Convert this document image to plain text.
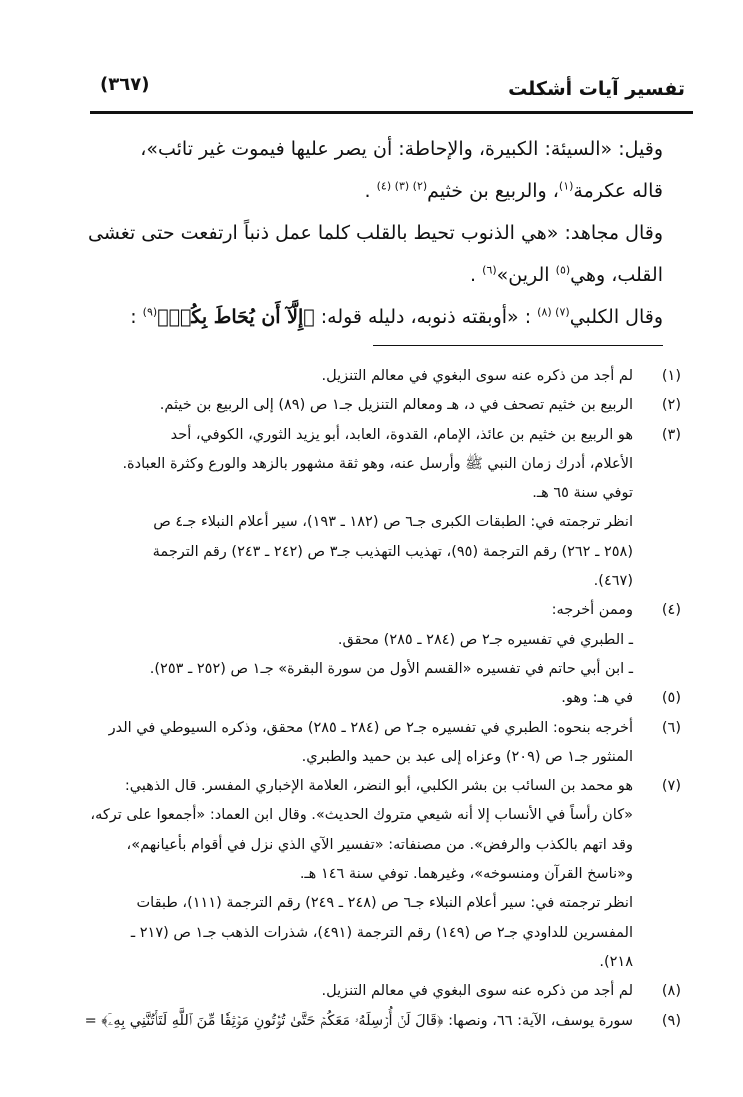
تفسير آيات أشكلت
(٣٦٧)

وقيل: «السيئة: الكبيرة، والإحاطة: أن يصر عليها فيموت غير تائب»،
قاله عكرمة$^{(١)}$، والربيع بن خثيم$^{(٢) (٣) (٤)}$ .

وقال مجاهد: «هي الذنوب تحيط بالقلب كلما عمل ذنباً ارتفعت حتى تغشى
القلب، وهي$^{(٥)}$ الرين»$^{(٦)}$ .

وقال الكلبي$^{(٧) (٨)}$ : «أوبقته ذنوبه، دليله قوله: ﴿إِلَّآ أَن يُحَاطَ بِكُمۡ﴾$^{(٩)}$ :

(١)
لم أجد من ذكره عنه سوى البغوي في معالم التنزيل.
(٢)
الربيع بن خثيم تصحف في د، هـ ومعالم التنزيل جـ١ ص (٨٩) إلى الربيع بن خيثم.
(٣)
هو الربيع بن خثيم بن عائذ، الإمام، القدوة، العابد، أبو يزيد الثوري، الكوفي، أحد
الأعلام، أدرك زمان النبي ﷺ وأرسل عنه، وهو ثقة مشهور بالزهد والورع وكثرة العبادة.
توفي سنة ٦٥ هـ.
انظر ترجمته في: الطبقات الكبرى جـ٦ ص (١٨٢ ـ ١٩٣)، سير أعلام النبلاء جـ٤ ص
(٢٥٨ ـ ٢٦٢) رقم الترجمة (٩٥)، تهذيب التهذيب جـ٣ ص (٢٤٢ ـ ٢٤٣) رقم الترجمة
(٤٦٧).
(٤)
وممن أخرجه:
ـ الطبري في تفسيره جـ٢ ص (٢٨٤ ـ ٢٨٥) محقق.
ـ ابن أبي حاتم في تفسيره «القسم الأول من سورة البقرة» جـ١ ص (٢٥٢ ـ ٢٥٣).
(٥)
في هـ: وهو.
(٦)
أخرجه بنحوه: الطبري في تفسيره جـ٢ ص (٢٨٤ ـ ٢٨٥) محقق، وذكره السيوطي في الدر
المنثور جـ١ ص (٢٠٩) وعزاه إلى عبد بن حميد والطبري.
(٧)
هو محمد بن السائب بن بشر الكلبي، أبو النضر، العلامة الإخباري المفسر. قال الذهبي:
«كان رأساً في الأنساب إلا أنه شيعي متروك الحديث». وقال ابن العماد: «أجمعوا على تركه،
وقد اتهم بالكذب والرفض». من مصنفاته: «تفسير الآي الذي نزل في أقوام بأعيانهم»،
و«ناسخ القرآن ومنسوخه»، وغيرهما. توفي سنة ١٤٦ هـ.
انظر ترجمته في: سير أعلام النبلاء جـ٦ ص (٢٤٨ ـ ٢٤٩) رقم الترجمة (١١١)، طبقات
المفسرين للداودي جـ٢ ص (١٤٩) رقم الترجمة (٤٩١)، شذرات الذهب جـ١ ص (٢١٧ ـ
٢١٨).
(٨)
لم أجد من ذكره عنه سوى البغوي في معالم التنزيل.
(٩)
سورة يوسف، الآية: ٦٦، ونصها: ﴿قَالَ لَنۡ أُرۡسِلَهُۥ مَعَكُمۡ حَتَّىٰ تُؤۡتُونِ مَوۡثِقٗا مِّنَ ٱللَّهِ لَتَأۡتُنَّنِي بِهِۦٓ﴾ =
